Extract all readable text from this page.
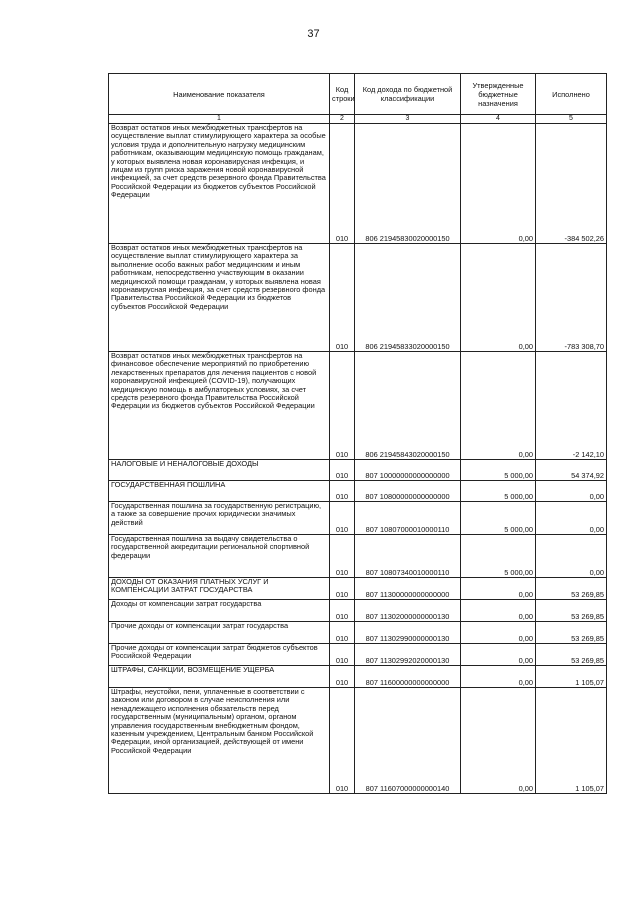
37
Наименование показателя	Код строки	Код дохода по бюджетной классификации	Утвержденные бюджетные назначения	Исполнено
1	2	3	4	5
Возврат остатков иных межбюджетных трансфертов на осуществление выплат стимулирующего характера за особые условия труда и дополнительную нагрузку медицинским работникам, оказывающим медицинскую помощь гражданам, у которых выявлена новая коронавирусная инфекция, и лицам из групп риска заражения новой коронавирусной инфекцией, за счет средств резервного фонда Правительства Российской Федерации из бюджетов субъектов Российской Федерации	010	806 21945830020000150	0,00	-384 502,26
Возврат остатков иных межбюджетных трансфертов на осуществление выплат стимулирующего характера за выполнение особо важных работ медицинским и иным работникам, непосредственно участвующим в оказании медицинской помощи гражданам, у которых выявлена новая коронавирусная инфекция, за счет средств резервного фонда Правительства Российской Федерации из бюджетов субъектов Российской Федерации	010	806 21945833020000150	0,00	-783 308,70
Возврат остатков иных межбюджетных трансфертов на финансовое обеспечение мероприятий по приобретению лекарственных препаратов для лечения пациентов с новой коронавирусной инфекцией (COVID-19), получающих медицинскую помощь в амбулаторных условиях, за счет средств резервного фонда Правительства Российской Федерации из бюджетов субъектов Российской Федерации	010	806 21945843020000150	0,00	-2 142,10
НАЛОГОВЫЕ И НЕНАЛОГОВЫЕ ДОХОДЫ	010	807 10000000000000000	5 000,00	54 374,92
ГОСУДАРСТВЕННАЯ ПОШЛИНА	010	807 10800000000000000	5 000,00	0,00
Государственная пошлина за государственную регистрацию, а также за совершение прочих юридически значимых действий	010	807 10807000010000110	5 000,00	0,00
Государственная пошлина за выдачу свидетельства о государственной аккредитации региональной спортивной федерации	010	807 10807340010000110	5 000,00	0,00
ДОХОДЫ ОТ ОКАЗАНИЯ ПЛАТНЫХ УСЛУГ И КОМПЕНСАЦИИ ЗАТРАТ ГОСУДАРСТВА	010	807 11300000000000000	0,00	53 269,85
Доходы от компенсации затрат государства	010	807 11302000000000130	0,00	53 269,85
Прочие доходы от компенсации затрат государства	010	807 11302990000000130	0,00	53 269,85
Прочие доходы от компенсации затрат бюджетов субъектов Российской Федерации	010	807 11302992020000130	0,00	53 269,85
ШТРАФЫ, САНКЦИИ, ВОЗМЕЩЕНИЕ УЩЕРБА	010	807 11600000000000000	0,00	1 105,07
Штрафы, неустойки, пени, уплаченные в соответствии с законом или договором в случае неисполнения или ненадлежащего исполнения обязательств перед государственным (муниципальным) органом, органом управления государственным внебюджетным фондом, казенным учреждением, Центральным банком Российской Федерации, иной организацией, действующей от имени Российской Федерации	010	807 11607000000000140	0,00	1 105,07
